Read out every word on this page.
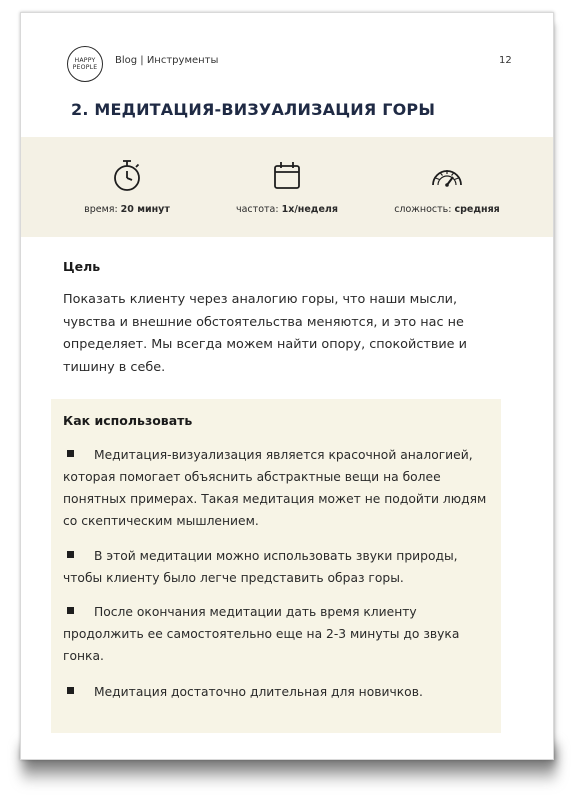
HAPPY
PEOPLE
Blog | Инструменты	12
2. МЕДИТАЦИЯ-ВИЗУАЛИЗАЦИЯ ГОРЫ
время: 20 минут	частота: 1х/неделя	сложность: средняя
Цель
Показать клиенту через аналогию горы, что наши мысли,
чувства и внешние обстоятельства меняются, и это нас не
определяет. Мы всегда можем найти опору, спокойствие и
тишину в себе.
Как использовать
Медитация-визуализация является красочной аналогией,
которая помогает объяснить абстрактные вещи на более
понятных примерах. Такая медитация может не подойти людям
со скептическим мышлением.
В этой медитации можно использовать звуки природы,
чтобы клиенту было легче представить образ горы.
После окончания медитации дать время клиенту
продолжить ее самостоятельно еще на 2-3 минуты до звука
гонка.
Медитация достаточно длительная для новичков.
